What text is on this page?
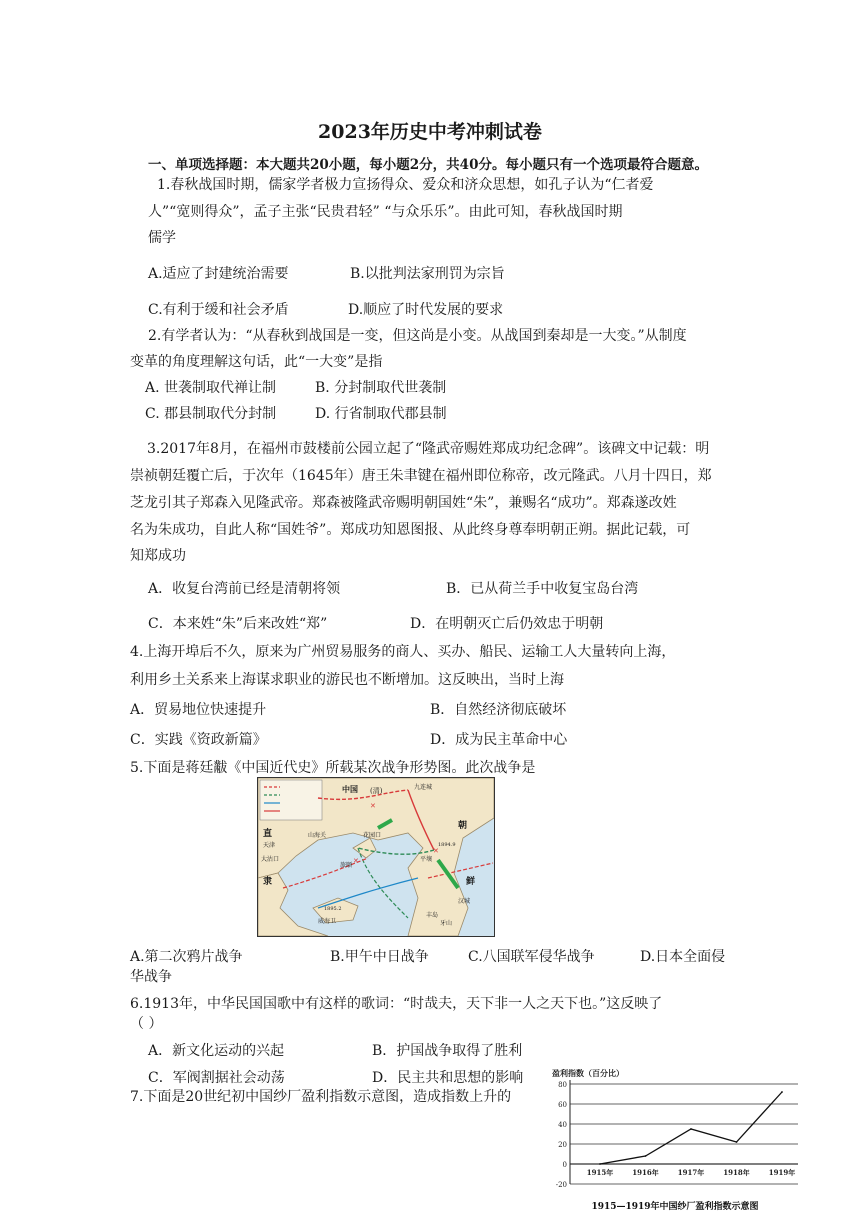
2023年历史中考冲刺试卷
一、单项选择题：本大题共20小题，每小题2分，共40分。每小题只有一个选项最符合题意。
1.春秋战国时期，儒家学者极力宣扬得众、爱众和济众思想，如孔子认为“仁者爱
人”“宽则得众”，孟子主张“民贵君轻” “与众乐乐”。由此可知，春秋战国时期
儒学
A.适应了封建统治需要	B.以批判法家刑罚为宗旨
C.有利于缓和社会矛盾	D.顺应了时代发展的要求
2.有学者认为：“从春秋到战国是一变，但这尚是小变。从战国到秦却是一大变。”从制度
变革的角度理解这句话，此“一大变”是指
A. 世袭制取代禅让制	B. 分封制取代世袭制
C. 郡县制取代分封制	D. 行省制取代郡县制
3.2017年8月，在福州市鼓楼前公园立起了“隆武帝赐姓郑成功纪念碑”。该碑文中记载：明
崇祯朝廷覆亡后，于次年（1645年）唐王朱聿键在福州即位称帝，改元隆武。八月十四日，郑
芝龙引其子郑森入见隆武帝。郑森被隆武帝赐明朝国姓“朱”，兼赐名“成功”。郑森遂改姓
名为朱成功，自此人称“国姓爷”。郑成功知恩图报、从此终身尊奉明朝正朔。据此记载，可
知郑成功
A．收复台湾前已经是清朝将领	B．已从荷兰手中收复宝岛台湾
C．本来姓“朱”后来改姓“郑”	D．在明朝灭亡后仍效忠于明朝
4.上海开埠后不久，原来为广州贸易服务的商人、买办、船民、运输工人大量转向上海，
利用乡土关系来上海谋求职业的游民也不断增加。这反映出，当时上海
A．贸易地位快速提升	B．自然经济彻底破坏
C．实践《资政新篇》	D．成为民主革命中心
5.下面是蒋廷黻《中国近代史》所载某次战争形势图。此次战争是
✕
✕
✕
中国 (清)
朝
鲜
直
隶
山海关
天津
大沽口
旅顺
威海卫
花园口
九连城
平壤
汉城
牙山
丰岛
1894.9
1895.2
A.第二次鸦片战争	B.甲午中日战争	C.八国联军侵华战争	D.日本全面侵
华战争
6.1913年，中华民国国歌中有这样的歌词：“时哉夫，天下非一人之天下也。”这反映了
（ ）
A．新文化运动的兴起	B．护国战争取得了胜利
C．军阀割据社会动荡	D．民主共和思想的影响
7.下面是20世纪初中国纱厂盈利指数示意图，造成指数上升的
盈利指数（百分比）
80
60
40
20
0
-20
1915年	1916年	1917年	1918年	1919年
1915—1919年中国纱厂盈利指数示意图
